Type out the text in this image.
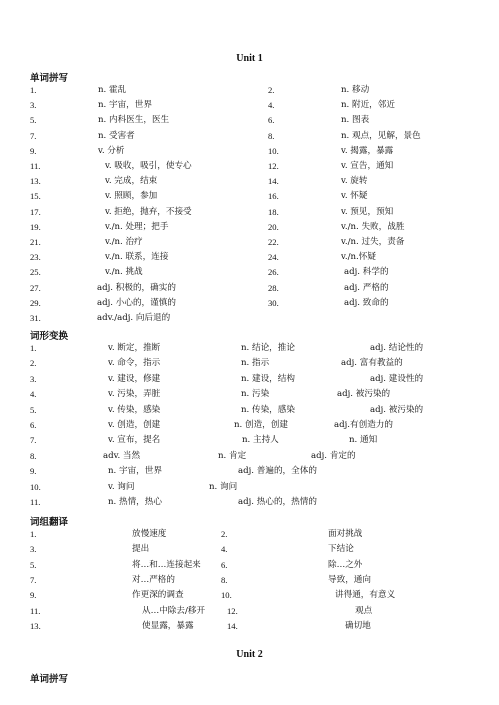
Unit 1
单词拼写
1.	n. 霍乱	2.	n. 移动
3.	n. 宇宙，世界	4.	n. 附近，邻近
5.	n. 内科医生，医生	6.	n. 图表
7.	n. 受害者	8.	n. 观点，见解，景色
9.	v. 分析	10.	v. 揭露，暴露
11.	v. 吸收，吸引，使专心	12.	v. 宣告，通知
13.	v. 完成，结束	14.	v. 旋转
15.	v. 照顾，参加	16.	v. 怀疑
17.	v. 拒绝，抛弃，不接受	18.	v. 预见，预知
19.	v./n. 处理；把手	20.	v./n. 失败，战胜
21.	v./n. 治疗	22.	v./n. 过失，责备
23.	v./n. 联系，连接	24.	v./n.怀疑
25.	v./n. 挑战	26.	adj. 科学的
27.	adj. 积极的，确实的	28.	adj. 严格的
29.	adj. 小心的，谨慎的	30.	adj. 致命的
31.	adv./adj. 向后退的
词形变换
1.	v. 断定，推断	n. 结论，推论	adj. 结论性的
2.	v. 命令，指示	n. 指示	adj. 富有教益的
3.	v. 建设，修建	n. 建设，结构	adj. 建设性的
4.	v. 污染，弄脏	n. 污染	adj. 被污染的
5.	v. 传染，感染	n. 传染，感染	adj. 被污染的
6.	v. 创造，创建	n. 创造，创建	adj.有创造力的
7.	v. 宣布，提名	n. 主持人	n. 通知
8.	adv. 当然	n. 肯定	adj. 肯定的
9.	n. 宇宙，世界	adj. 普遍的，全体的
10.	v. 询问	n. 询问
11.	n. 热情，热心	adj. 热心的，热情的
词组翻译
1.	放慢速度	2.	面对挑战
3.	提出	4.	下结论
5.	将…和…连接起来 6.	除…之外
7.	对…严格的	8.	导致，通向
9.	作更深的调查	10.	讲得通，有意义
11.	从…中除去/移开	12.	观点
13.	使显露，暴露	14.	确切地
Unit 2
单词拼写
